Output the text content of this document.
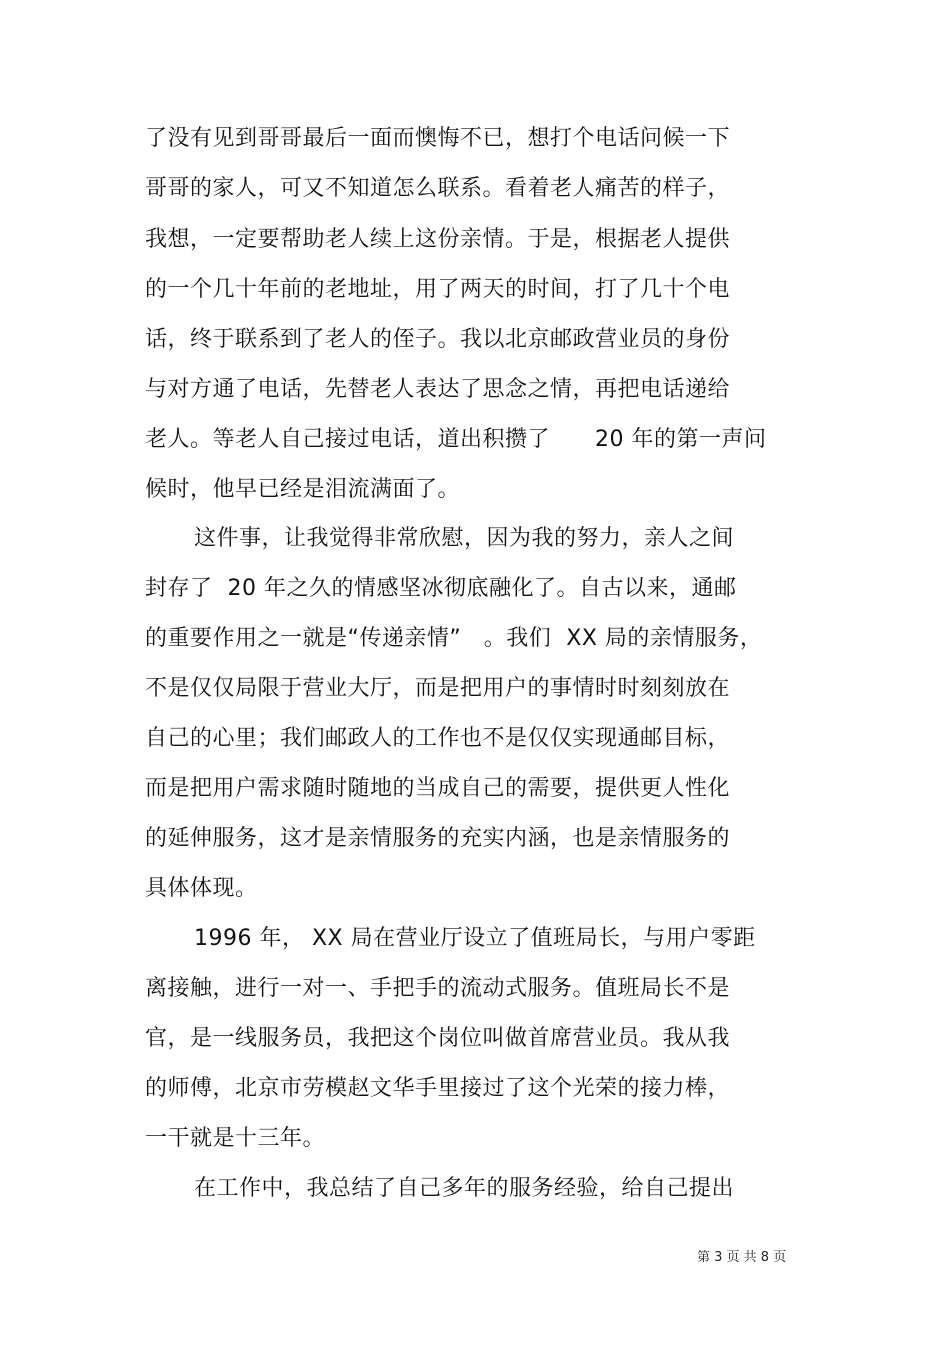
了没有见到哥哥最后一面而懊悔不已，想打个电话问候一下
哥哥的家人，可又不知道怎么联系。看着老人痛苦的样子，
我想，一定要帮助老人续上这份亲情。于是，根据老人提供
的一个几十年前的老地址，用了两天的时间，打了几十个电
话，终于联系到了老人的侄子。我以北京邮政营业员的身份
与对方通了电话，先替老人表达了思念之情，再把电话递给
老人。等老人自己接过电话，道出积攒了　　20 年的第一声问
候时，他早已经是泪流满面了。
这件事，让我觉得非常欣慰，因为我的努力，亲人之间
封存了  20 年之久的情感坚冰彻底融化了。自古以来，通邮
的重要作用之一就是“传递亲情”　。我们  XX 局的亲情服务，
不是仅仅局限于营业大厅，而是把用户的事情时时刻刻放在
自己的心里；我们邮政人的工作也不是仅仅实现通邮目标，
而是把用户需求随时随地的当成自己的需要，提供更人性化
的延伸服务，这才是亲情服务的充实内涵，也是亲情服务的
具体体现。
1996 年， XX 局在营业厅设立了值班局长，与用户零距
离接触，进行一对一、手把手的流动式服务。值班局长不是
官，是一线服务员，我把这个岗位叫做首席营业员。我从我
的师傅，北京市劳模赵文华手里接过了这个光荣的接力棒，
一干就是十三年。
在工作中，我总结了自己多年的服务经验，给自己提出
第 3 页 共 8 页
